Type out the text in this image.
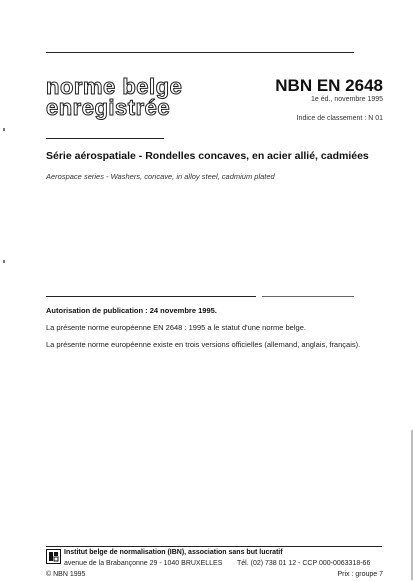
norme belge
enregistrée
NBN EN 2648
1e éd., novembre 1995
Indice de classement : N 01
Série aérospatiale - Rondelles concaves, en acier allié, cadmiées
Aerospace series - Washers, concave, in alloy steel, cadmium plated
Autorisation de publication : 24 novembre 1995.
La présente norme européenne EN 2648 : 1995 a le statut d'une norme belge.
La présente norme européenne existe en trois versions officielles (allemand, anglais, français).
Institut belge de normalisation (IBN), association sans but lucratif
avenue de la Brabançonne 29 - 1040 BRUXELLES Tél. (02) 738 01 12 - CCP 000-0063318-66
© NBN 1995	Prix : groupe 7
